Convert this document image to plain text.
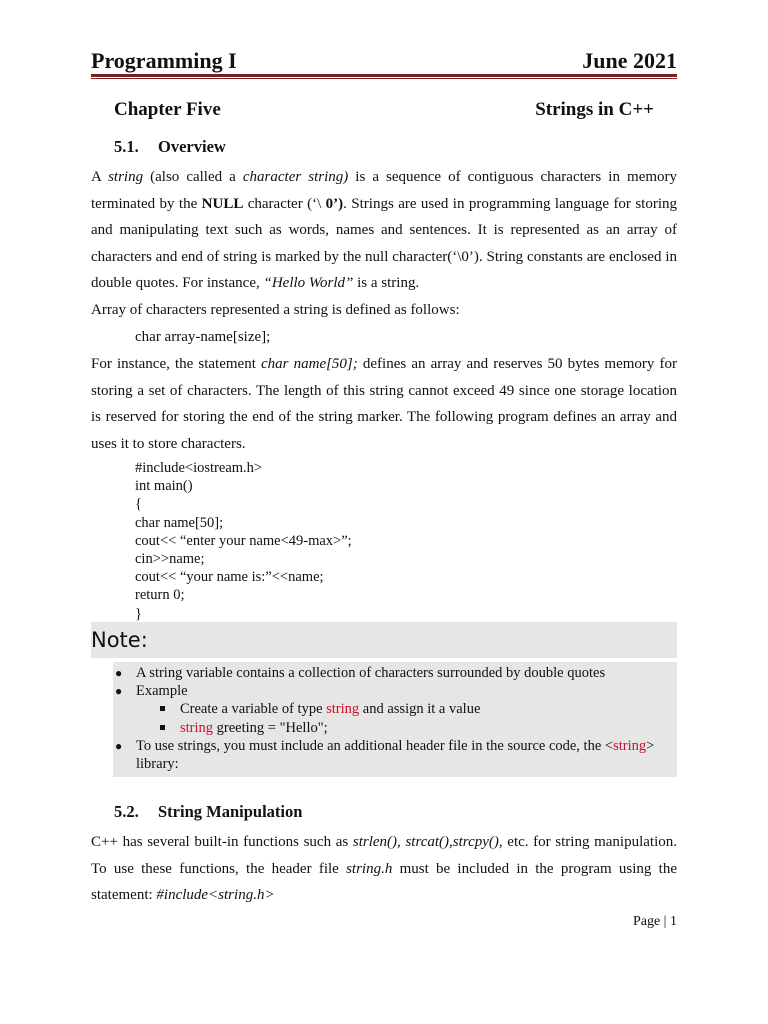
Programming I	June 2021
Chapter Five	Strings in C++
5.1. Overview
A string (also called a character string) is a sequence of contiguous characters in memory
terminated by the NULL character (‘\ 0’). Strings are used in programming language for storing
and manipulating text such as words, names and sentences. It is represented as an array of
characters and end of string is marked by the null character(‘\0’). String constants are enclosed in
double quotes. For instance, “Hello World” is a string.
Array of characters represented a string is defined as follows:
char array-name[size];
For instance, the statement char name[50]; defines an array and reserves 50 bytes memory for
storing a set of characters. The length of this string cannot exceed 49 since one storage location
is reserved for storing the end of the string marker. The following program defines an array and
uses it to store characters.
#include<iostream.h>
int main()
{
char name[50];
cout<< “enter your name<49-max>”;
cin>>name;
cout<< “your name is:”<<name;
return 0;
}
Note:
● A string variable contains a collection of characters surrounded by double quotes
● Example
Create a variable of type string and assign it a value
string greeting = "Hello";
● To use strings, you must include an additional header file in the source code, the <string>
library:
5.2. String Manipulation
C++ has several built-in functions such as strlen(), strcat(),strcpy(), etc. for string manipulation.
To use these functions, the header file string.h must be included in the program using the
statement: #include<string.h>
Page | 1
